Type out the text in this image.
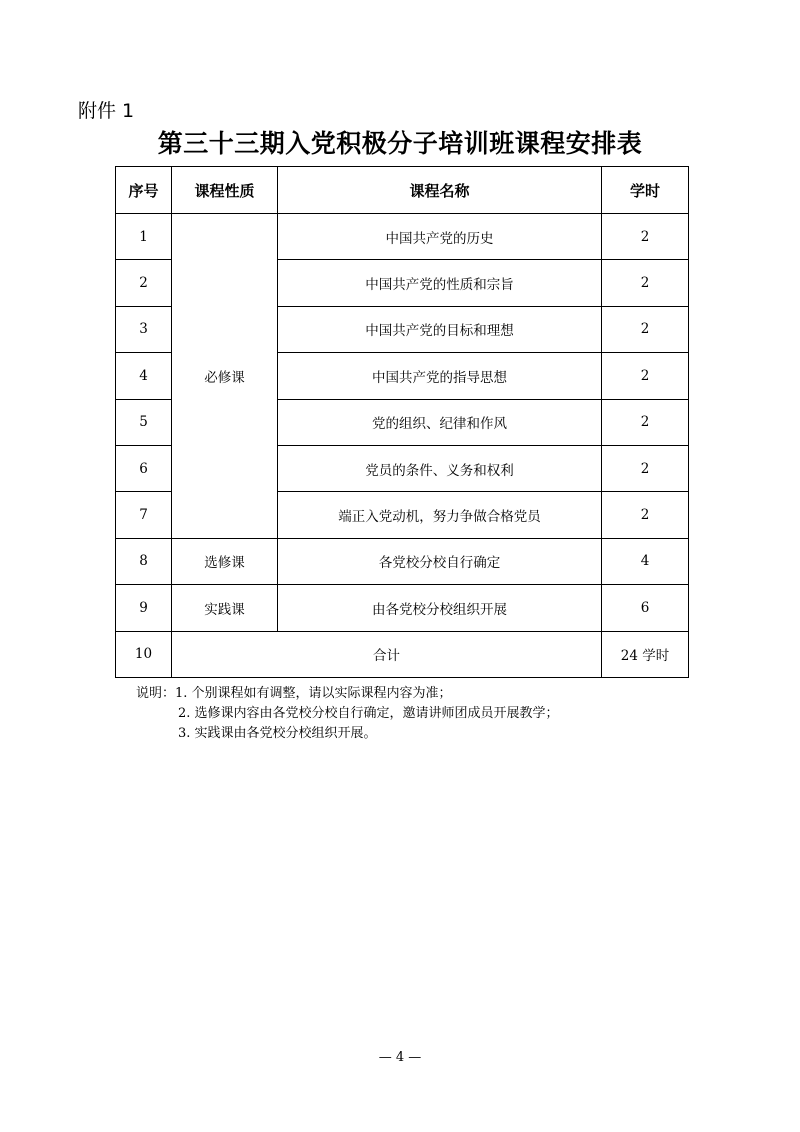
附件 1
第三十三期入党积极分子培训班课程安排表
序号	课程性质	课程名称	学时
1	必修课	中国共产党的历史	2
2		中国共产党的性质和宗旨	2
3		中国共产党的目标和理想	2
4		中国共产党的指导思想	2
5		党的组织、纪律和作风	2
6		党员的条件、义务和权利	2
7		端正入党动机，努力争做合格党员	2
8	选修课	各党校分校自行确定	4
9	实践课	由各党校分校组织开展	6
10	合计		24 学时
说明：1. 个别课程如有调整，请以实际课程内容为准；
2. 选修课内容由各党校分校自行确定，邀请讲师团成员开展教学；
3. 实践课由各党校分校组织开展。
— 4 —
